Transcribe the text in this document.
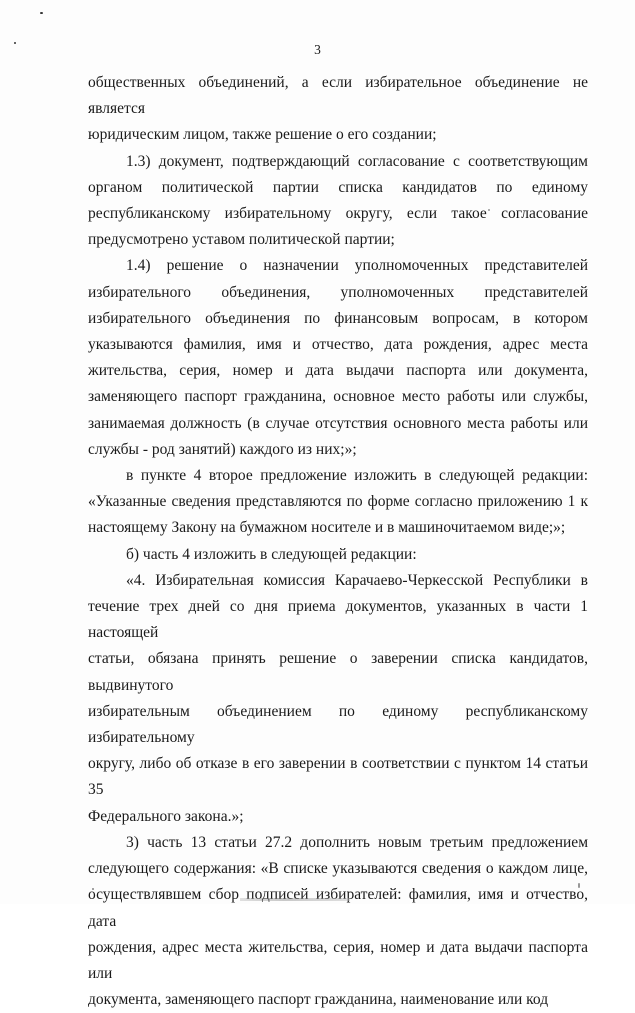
3
общественных объединений, а если избирательное объединение не является
юридическим лицом, также решение о его создании;
1.3) документ, подтверждающий согласование с соответствующим
органом политической партии списка кандидатов по единому
республиканскому избирательному округу, если такое согласование
предусмотрено уставом политической партии;
1.4) решение о назначении уполномоченных представителей
избирательного объединения, уполномоченных представителей
избирательного объединения по финансовым вопросам, в котором
указываются фамилия, имя и отчество, дата рождения, адрес места
жительства, серия, номер и дата выдачи паспорта или документа,
заменяющего паспорт гражданина, основное место работы или службы,
занимаемая должность (в случае отсутствия основного места работы или
службы - род занятий) каждого из них;»;
в пункте 4 второе предложение изложить в следующей редакции:
«Указанные сведения представляются по форме согласно приложению 1 к
настоящему Закону на бумажном носителе и в машиночитаемом виде;»;
б) часть 4 изложить в следующей редакции:
«4. Избирательная комиссия Карачаево-Черкесской Республики в
течение трех дней со дня приема документов, указанных в части 1 настоящей
статьи, обязана принять решение о заверении списка кандидатов, выдвинутого
избирательным объединением по единому республиканскому избирательному
округу, либо об отказе в его заверении в соответствии с пунктом 14 статьи 35
Федерального закона.»;
3) часть 13 статьи 27.2 дополнить новым третьим предложением
следующего содержания: «В списке указываются сведения о каждом лице,
осуществлявшем сбор подписей избирателей: фамилия, имя и отчество, дата
рождения, адрес места жительства, серия, номер и дата выдачи паспорта или
документа, заменяющего паспорт гражданина, наименование или код
